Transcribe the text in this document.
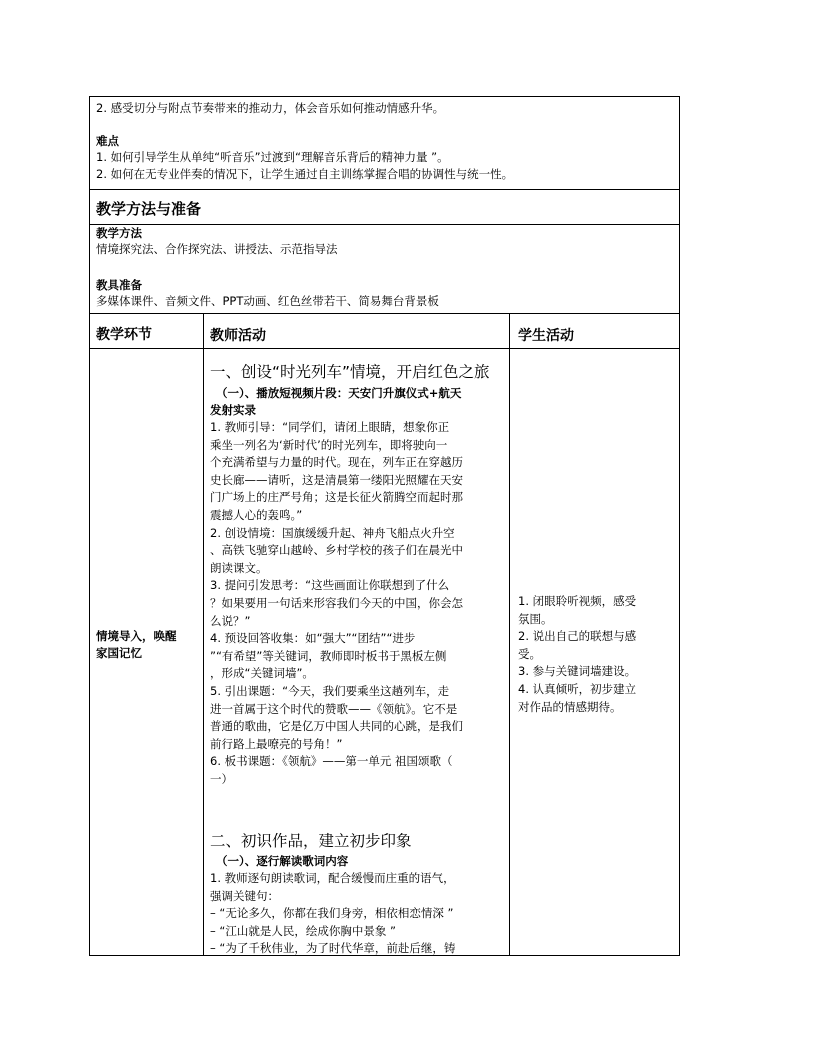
2. 感受切分与附点节奏带来的推动力，体会音乐如何推动情感升华。
难点
1. 如何引导学生从单纯“听音乐”过渡到“理解音乐背后的精神力量 ”。
2. 如何在无专业伴奏的情况下，让学生通过自主训练掌握合唱的协调性与统一性。
教学方法与准备
教学方法
情境探究法、合作探究法、讲授法、示范指导法
教具准备
多媒体课件、音频文件、PPT动画、红色丝带若干、简易舞台背景板
教学环节	教师活动	学生活动
情境导入，唤醒
家国记忆
一、创设“时光列车”情境，开启红色之旅
（一）、播放短视频片段：天安门升旗仪式+航天
发射实录
1. 教师引导：“同学们，请闭上眼睛，想象你正
乘坐一列名为‘新时代’的时光列车，即将驶向一
个充满希望与力量的时代。现在，列车正在穿越历
史长廊——请听，这是清晨第一缕阳光照耀在天安
门广场上的庄严号角；这是长征火箭腾空而起时那
震撼人心的轰鸣。”
2. 创设情境：国旗缓缓升起、神舟飞船点火升空
、高铁飞驰穿山越岭、乡村学校的孩子们在晨光中
朗读课文。
3. 提问引发思考：“这些画面让你联想到了什么
？如果要用一句话来形容我们今天的中国，你会怎
么说？”
4. 预设回答收集：如“强大”“团结”“进步
”“有希望”等关键词，教师即时板书于黑板左侧
，形成“关键词墙”。
5. 引出课题：“今天，我们要乘坐这趟列车，走
进一首属于这个时代的赞歌——《领航》。它不是
普通的歌曲，它是亿万中国人共同的心跳，是我们
前行路上最嘹亮的号角！”
6. 板书课题：《领航》——第一单元 祖国颂歌（
一）
1. 闭眼聆听视频，感受
氛围。
2. 说出自己的联想与感
受。
3. 参与关键词墙建设。
4. 认真倾听，初步建立
对作品的情感期待。
二、初识作品，建立初步印象
（一）、逐行解读歌词内容
1. 教师逐句朗读歌词，配合缓慢而庄重的语气，
强调关键句：
– “无论多久，你都在我们身旁，相依相恋情深 ”
– “江山就是人民，绘成你胸中景象 ”
– “为了千秋伟业，为了时代华章，前赴后继，铸
